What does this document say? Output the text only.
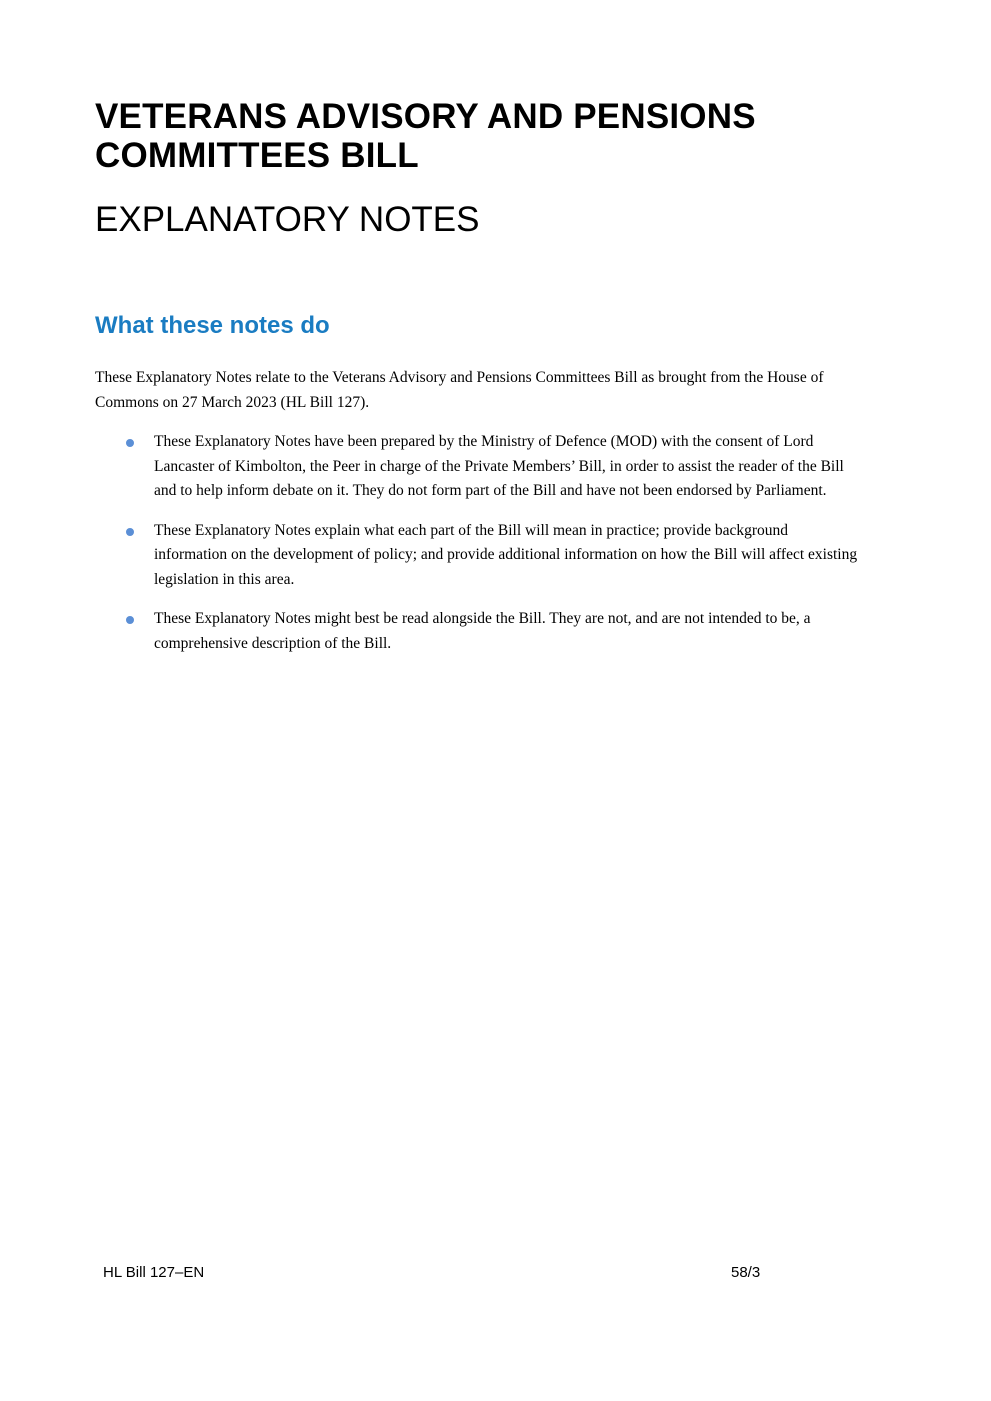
VETERANS ADVISORY AND PENSIONS COMMITTEES BILL
EXPLANATORY NOTES
What these notes do

These Explanatory Notes relate to the Veterans Advisory and Pensions Committees Bill as brought from the House of Commons on 27 March 2023 (HL Bill 127).

These Explanatory Notes have been prepared by the Ministry of Defence (MOD) with the consent of Lord Lancaster of Kimbolton, the Peer in charge of the Private Members’ Bill, in order to assist the reader of the Bill and to help inform debate on it. They do not form part of the Bill and have not been endorsed by Parliament.
These Explanatory Notes explain what each part of the Bill will mean in practice; provide background information on the development of policy; and provide additional information on how the Bill will affect existing legislation in this area.
These Explanatory Notes might best be read alongside the Bill. They are not, and are not intended to be, a comprehensive description of the Bill.
HL Bill 127–EN	58/3
